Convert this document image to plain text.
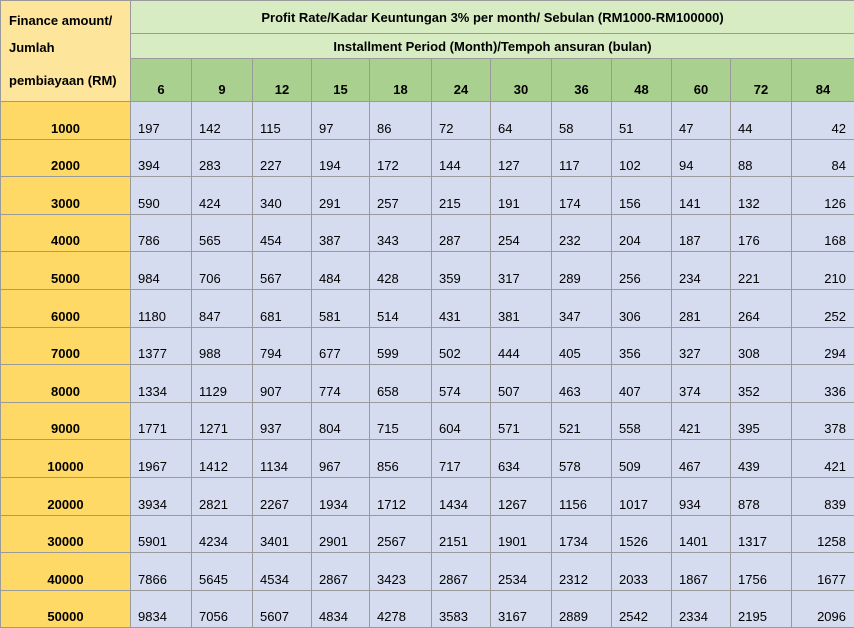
Finance amount/
Jumlah
pembiayaan (RM)	Profit Rate/Kadar Keuntungan 3% per month/ Sebulan (RM1000-RM100000)											
	Installment Period (Month)/Tempoh ansuran (bulan)											
	6	9	12	15	18	24	30	36	48	60	72	84
1000	197	142	115	97	86	72	64	58	51	47	44	42
2000	394	283	227	194	172	144	127	117	102	94	88	84
3000	590	424	340	291	257	215	191	174	156	141	132	126
4000	786	565	454	387	343	287	254	232	204	187	176	168
5000	984	706	567	484	428	359	317	289	256	234	221	210
6000	1180	847	681	581	514	431	381	347	306	281	264	252
7000	1377	988	794	677	599	502	444	405	356	327	308	294
8000	1334	1129	907	774	658	574	507	463	407	374	352	336
9000	1771	1271	937	804	715	604	571	521	558	421	395	378
10000	1967	1412	1134	967	856	717	634	578	509	467	439	421
20000	3934	2821	2267	1934	1712	1434	1267	1156	1017	934	878	839
30000	5901	4234	3401	2901	2567	2151	1901	1734	1526	1401	1317	1258
40000	7866	5645	4534	2867	3423	2867	2534	2312	2033	1867	1756	1677
50000	9834	7056	5607	4834	4278	3583	3167	2889	2542	2334	2195	2096
